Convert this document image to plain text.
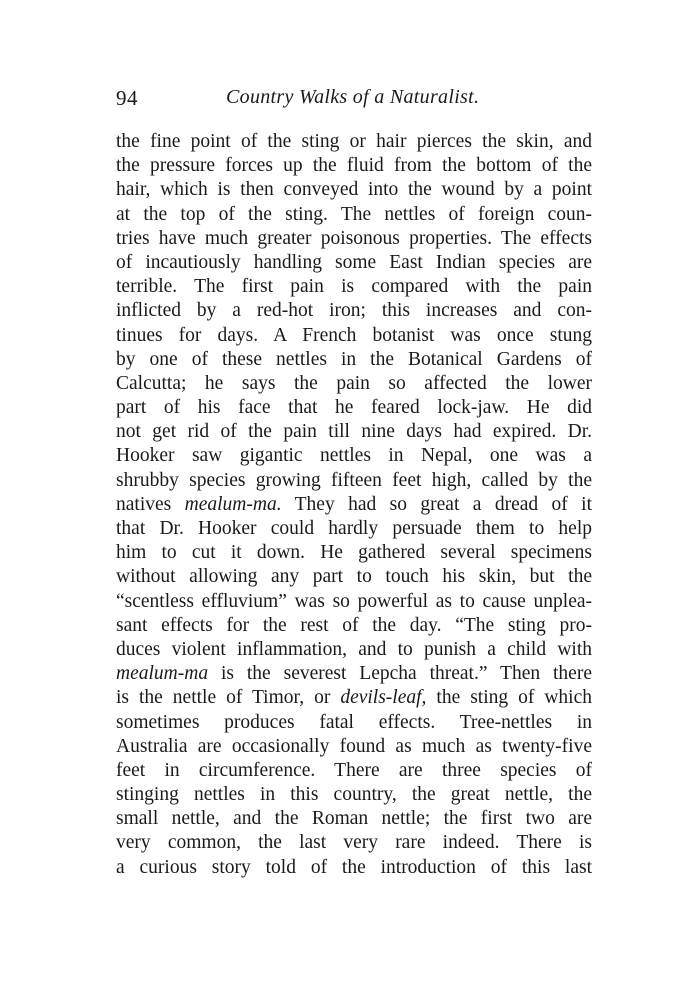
94	Country Walks of a Naturalist.
the fine point of the sting or hair pierces the skin, and
the pressure forces up the fluid from the bottom of the
hair, which is then conveyed into the wound by a point
at the top of the sting. The nettles of foreign coun-
tries have much greater poisonous properties. The effects
of incautiously handling some East Indian species are
terrible. The first pain is compared with the pain
inflicted by a red-hot iron; this increases and con-
tinues for days. A French botanist was once stung
by one of these nettles in the Botanical Gardens of
Calcutta; he says the pain so affected the lower
part of his face that he feared lock-jaw. He did
not get rid of the pain till nine days had expired. Dr.
Hooker saw gigantic nettles in Nepal, one was a
shrubby species growing fifteen feet high, called by the
natives mealum-ma. They had so great a dread of it
that Dr. Hooker could hardly persuade them to help
him to cut it down. He gathered several specimens
without allowing any part to touch his skin, but the
“scentless effluvium” was so powerful as to cause unplea-
sant effects for the rest of the day. “The sting pro-
duces violent inflammation, and to punish a child with
mealum-ma is the severest Lepcha threat.” Then there
is the nettle of Timor, or devils-leaf, the sting of which
sometimes produces fatal effects. Tree-nettles in
Australia are occasionally found as much as twenty-five
feet in circumference. There are three species of
stinging nettles in this country, the great nettle, the
small nettle, and the Roman nettle; the first two are
very common, the last very rare indeed. There is
a curious story told of the introduction of this last
